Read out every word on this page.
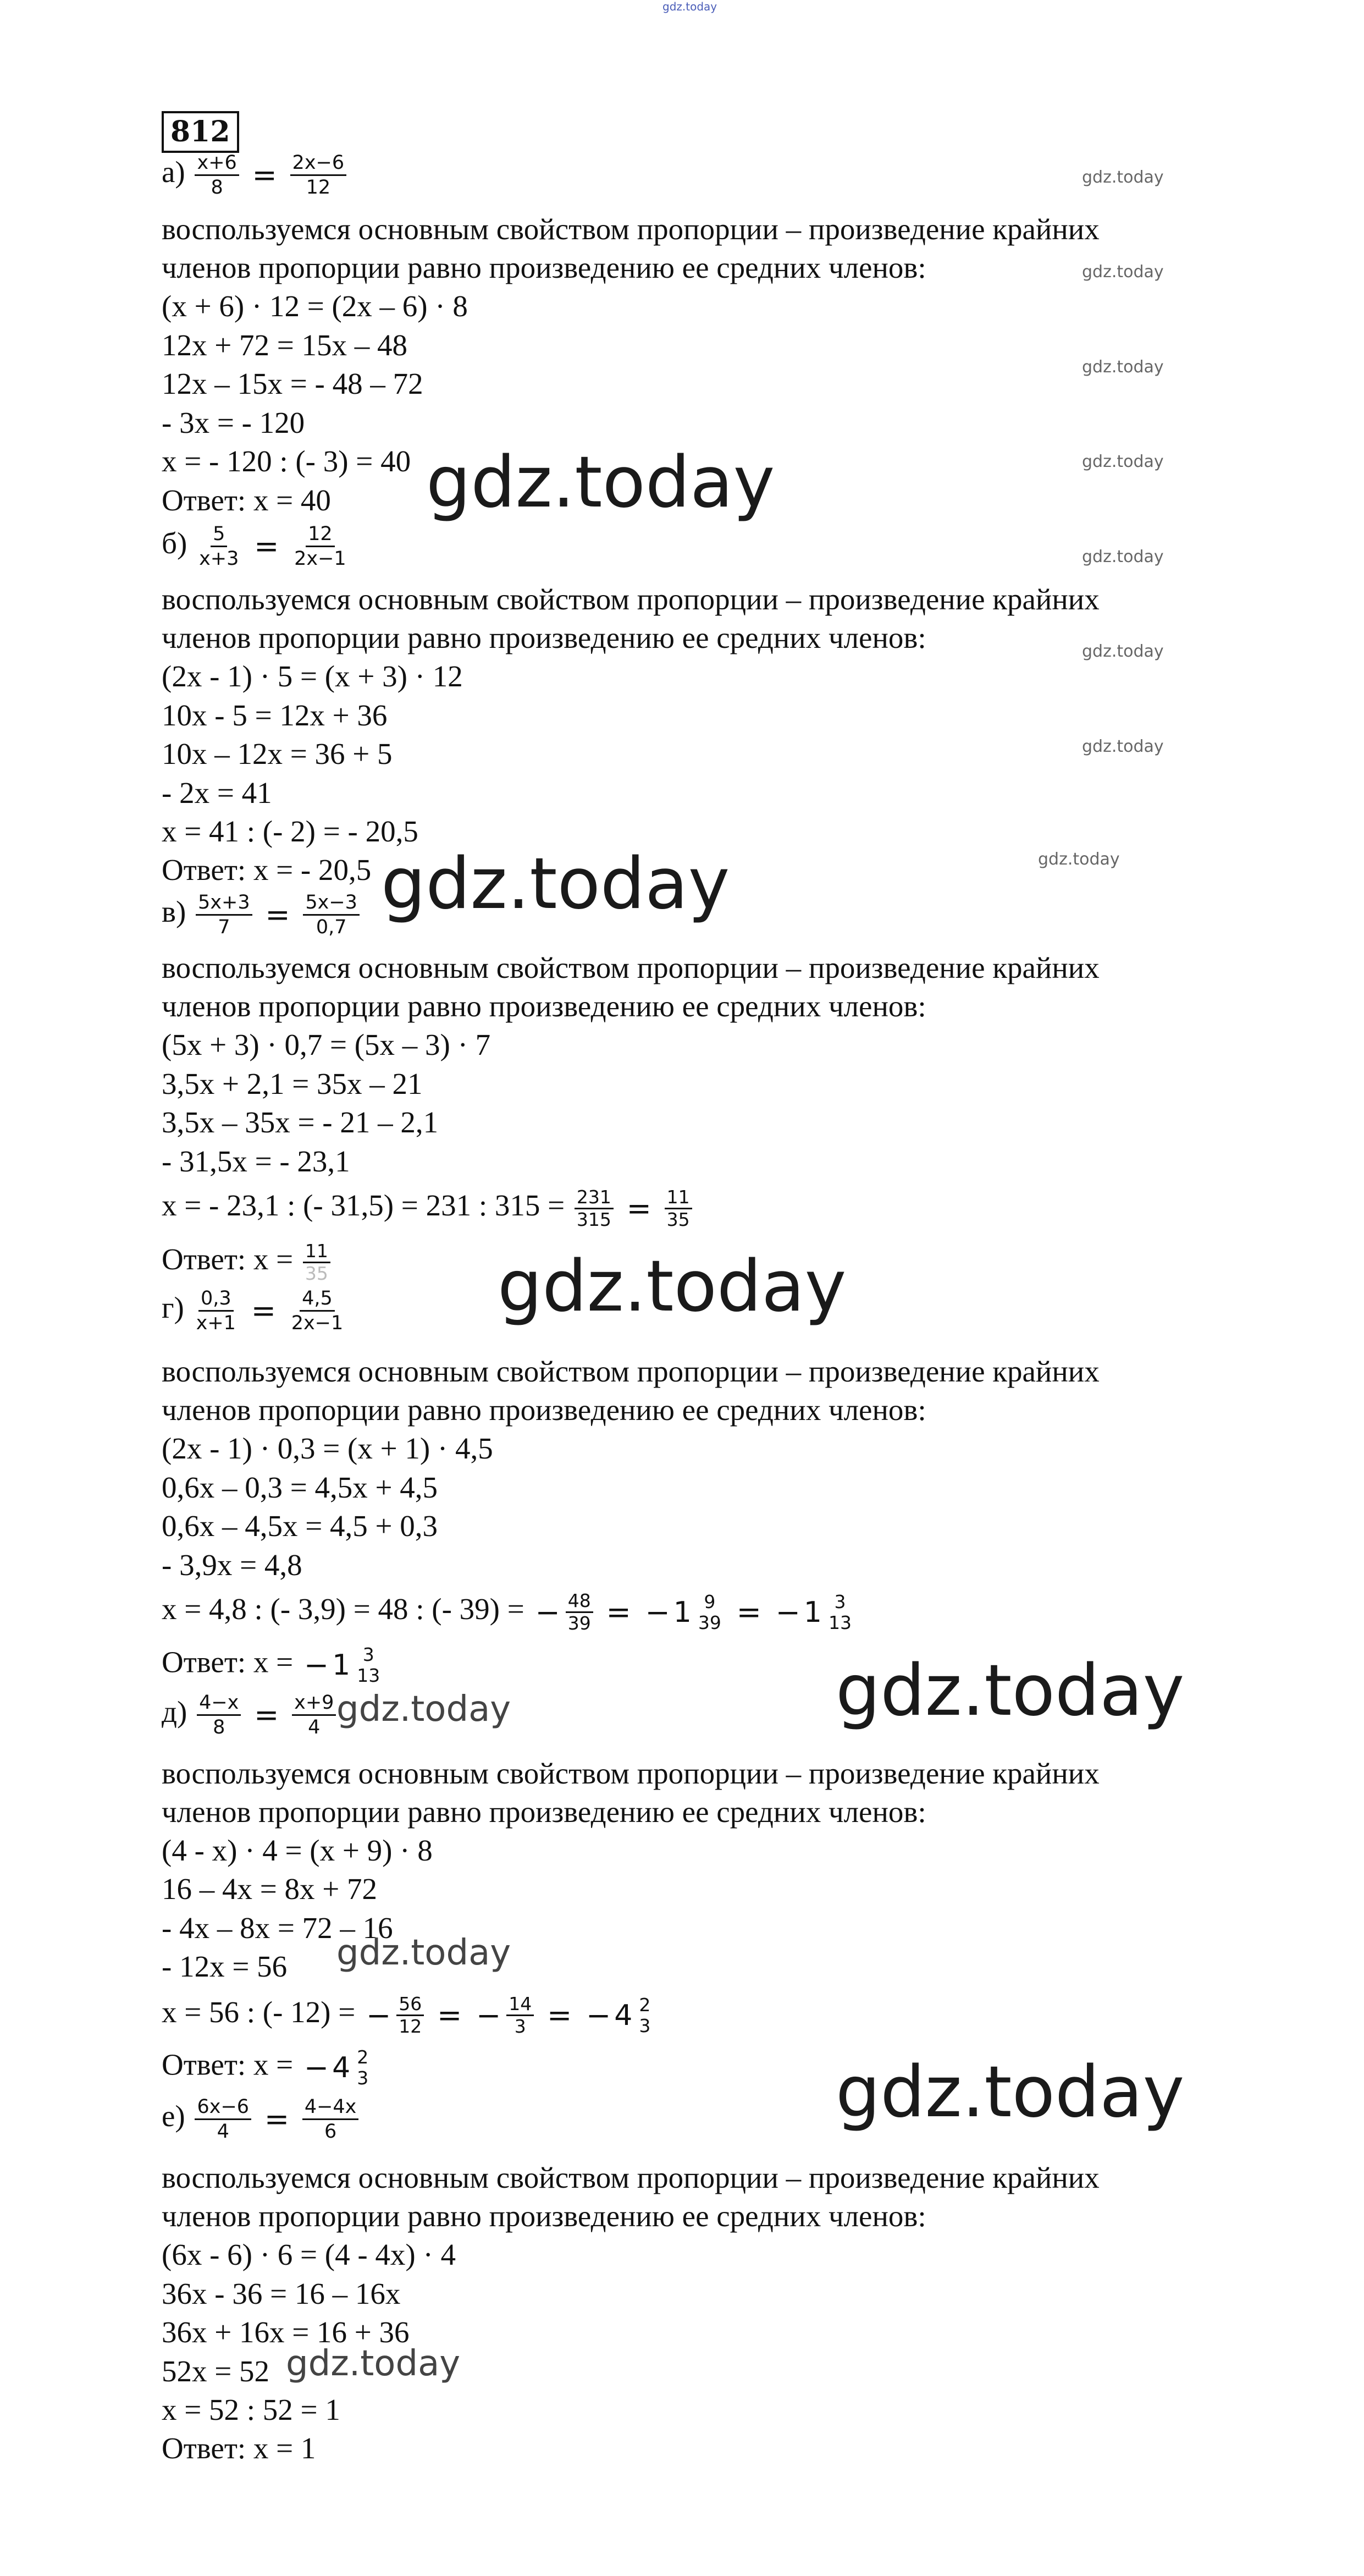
gdz.today
812
$а) \frac{x+6}{8} = \frac{2x-6}{12}$
воспользуемся основным свойством пропорции – произведение крайних
членов пропорции равно произведению ее средних членов:
(x + 6) · 12 = (2x – 6) · 8
12x + 72 = 15x – 48
12x – 15x = - 48 – 72
- 3x = - 120
x = - 120 : (- 3) = 40
Ответ: x = 40
$б) \frac{5}{x+3} = \frac{12}{2x-1}$
воспользуемся основным свойством пропорции – произведение крайних
членов пропорции равно произведению ее средних членов:
(2x - 1) · 5 = (x + 3) · 12
10x - 5 = 12x + 36
10x – 12x = 36 + 5
- 2x = 41
x = 41 : (- 2) = - 20,5
Ответ: x = - 20,5
$в) \frac{5x+3}{7} = \frac{5x-3}{0,7}$
воспользуемся основным свойством пропорции – произведение крайних
членов пропорции равно произведению ее средних членов:
(5x + 3) · 0,7 = (5x – 3) · 7
3,5x + 2,1 = 35x – 21
3,5x – 35x = - 21 – 2,1
- 31,5x = - 23,1
x = - 23,1 : (- 31,5) = 231 : $315 = \frac{231}{315} = \frac{11}{35}$
Ответ: $x = \frac{11}{35}$
$г) \frac{0,3}{x+1} = \frac{4,5}{2x-1}$
воспользуемся основным свойством пропорции – произведение крайних
членов пропорции равно произведению ее средних членов:
(2x - 1) · 0,3 = (x + 1) · 4,5
0,6x – 0,3 = 4,5x + 4,5
0,6x – 4,5x = 4,5 + 0,3
- 3,9x = 4,8
x = 4,8 : (- 3,9) = 48 : (- 39) = − $\frac{48}{39}$ = − 1 9
39 = − 1 3
13
Ответ: x = − 1 3
13
$д) \frac{4-x}{8} = \frac{x+9}{4}$
воспользуемся основным свойством пропорции – произведение крайних
членов пропорции равно произведению ее средних членов:
(4 - x) · 4 = (x + 9) · 8
16 – 4x = 8x + 72
- 4x – 8x = 72 – 16
- 12x = 56
x = 56 : (- 12) = − $\frac{56}{12}$ = − $\frac{14}{3}$ = − 4 2
3
Ответ: x = − 4 2
3
$е) \frac{6x-6}{4} = \frac{4-4x}{6}$
воспользуемся основным свойством пропорции – произведение крайних
членов пропорции равно произведению ее средних членов:
(6x - 6) · 6 = (4 - 4x) · 4
36x - 36 = 16 – 16x
36x + 16x = 16 + 36
52x = 52
x = 52 : 52 = 1
Ответ: x = 1
gdz.today
gdz.today
gdz.today
gdz.today
gdz.today
gdz.today
gdz.today
gdz.today
gdz.today
gdz.today
gdz.today
gdz.today
gdz.today
gdz.today
gdz.today
gdz.today
